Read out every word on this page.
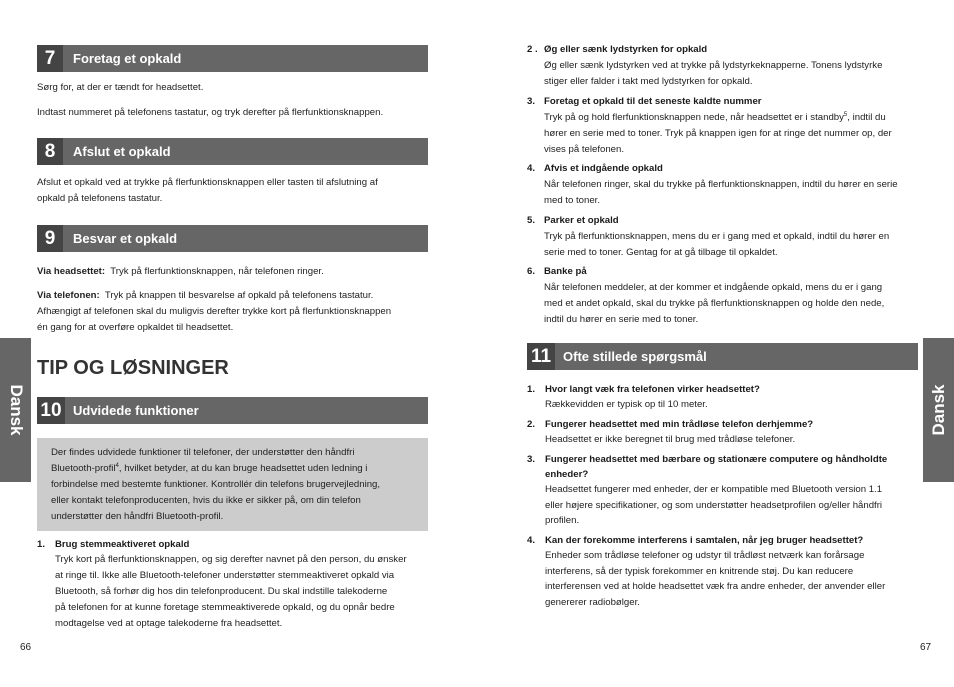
7	Foretag et opkald
Sørg for, at der er tændt for headsettet.
Indtast nummeret på telefonens tastatur, og tryk derefter på flerfunktionsknappen.
8	Afslut et opkald
Afslut et opkald ved at trykke på flerfunktionsknappen eller tasten til afslutning af
opkald på telefonens tastatur.
9	Besvar et opkald
Via headsettet: Tryk på flerfunktionsknappen, når telefonen ringer.
Via telefonen: Tryk på knappen til besvarelse af opkald på telefonens tastatur.
Afhængigt af telefonen skal du muligvis derefter trykke kort på flerfunktionsknappen
én gang for at overføre opkaldet til headsettet.
TIP OG LØSNINGER
10 Udvidede funktioner
Der findes udvidede funktioner til telefoner, der understøtter den håndfri
Bluetooth-profil$^4$, hvilket betyder, at du kan bruge headsettet uden ledning i
forbindelse med bestemte funktioner. Kontrollér din telefons brugervejledning,
eller kontakt telefonproducenten, hvis du ikke er sikker på, om din telefon
understøtter den håndfri Bluetooth-profil.
1. Brug stemmeaktiveret opkald
Tryk kort på flerfunktionsknappen, og sig derefter navnet på den person, du ønsker
at ringe til. Ikke alle Bluetooth-telefoner understøtter stemmeaktiveret opkald via
Bluetooth, så forhør dig hos din telefonproducent. Du skal indstille talekoderne
på telefonen for at kunne foretage stemmeaktiverede opkald, og du opnår bedre
modtagelse ved at optage talekoderne fra headsettet.
Dansk
66
2 . Øg eller sænk lydstyrken for opkald
Øg eller sænk lydstyrken ved at trykke på lydstyrkeknapperne. Tonens lydstyrke
stiger eller falder i takt med lydstyrken for opkald.
3. Foretag et opkald til det seneste kaldte nummer
Tryk på og hold flerfunktionsknappen nede, når headsettet er i standby$^5$, indtil du
hører en serie med to toner. Tryk på knappen igen for at ringe det nummer op, der
vises på telefonen.
4. Afvis et indgående opkald
Når telefonen ringer, skal du trykke på flerfunktionsknappen, indtil du hører en serie
med to toner.
5. Parker et opkald
Tryk på flerfunktionsknappen, mens du er i gang med et opkald, indtil du hører en
serie med to toner. Gentag for at gå tilbage til opkaldet.
6. Banke på
Når telefonen meddeler, at der kommer et indgående opkald, mens du er i gang
med et andet opkald, skal du trykke på flerfunktionsknappen og holde den nede,
indtil du hører en serie med to toner.
11 Ofte stillede spørgsmål
1. Hvor langt væk fra telefonen virker headsettet?
Rækkevidden er typisk op til 10 meter.
2. Fungerer headsettet med min trådløse telefon derhjemme?
Headsettet er ikke beregnet til brug med trådløse telefoner.
3. Fungerer headsettet med bærbare og stationære computere og håndholdte
enheder?
Headsettet fungerer med enheder, der er kompatible med Bluetooth version 1.1
eller højere specifikationer, og som understøtter headsetprofilen og/eller håndfri
profilen.
4. Kan der forekomme interferens i samtalen, når jeg bruger headsettet?
Enheder som trådløse telefoner og udstyr til trådløst netværk kan forårsage
interferens, så der typisk forekommer en knitrende støj. Du kan reducere
interferensen ved at holde headsettet væk fra andre enheder, der anvender eller
genererer radiobølger.
Dansk
67
